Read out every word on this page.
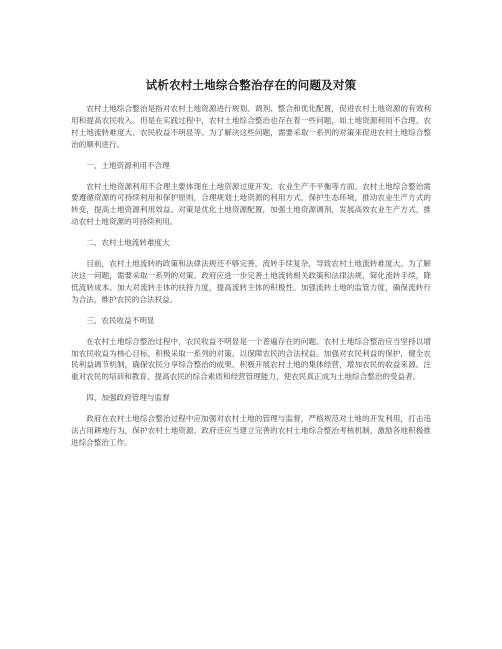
试析农村土地综合整治存在的问题及对策

农村土地综合整治是指对农村土地资源进行规划、调剂、整合和优化配置，促进农村土地资源的有效利用和提高农民收入。但是在实践过程中，农村土地综合整治也存在着一些问题，如土地资源利用不合理、农村土地流转难度大、农民收益不明显等。为了解决这些问题，需要采取一系列的对策来促进农村土地综合整治的顺利进行。

一、土地资源利用不合理

农村土地资源利用不合理主要体现在土地资源过度开发、农业生产不平衡等方面。农村土地综合整治需要遵循资源的可持续利用和保护原则，合理规划土地资源的利用方式，保护生态环境，推动农业生产方式的转变，提高土地资源利用效益。对策是优化土地资源配置，加强土地资源调剂，发展高效农业生产方式，推动农村土地资源的可持续利用。

二、农村土地流转难度大

目前，农村土地流转的政策和法律法规还不够完善，流转手续复杂，导致农村土地流转难度大。为了解决这一问题，需要采取一系列的对策。政府应进一步完善土地流转相关政策和法律法规，简化流转手续，降低流转成本。加大对流转主体的扶持力度，提高流转主体的积极性。加强流转土地的监管力度，确保流转行为合法，维护农民的合法权益。

三、农民收益不明显

在农村土地综合整治过程中，农民收益不明显是一个普遍存在的问题。农村土地综合整治应当坚持以增加农民收益为核心目标，积极采取一系列的对策，以保障农民的合法权益。加强对农民利益的保护，健全农民利益调节机制，确保农民分享综合整治的成果。积极开展农村土地的集体经营，增加农民的收益来源。注重对农民的培训和教育，提高农民的综合素质和经营管理能力，使农民真正成为土地综合整治的受益者。

四、加强政府管理与监督

政府在农村土地综合整治过程中应加强对农村土地的管理与监督，严格规范对土地的开发利用，打击违法占用耕地行为，保护农村土地资源。政府还应当建立完善的农村土地综合整治考核机制，激励各地积极推进综合整治工作。
